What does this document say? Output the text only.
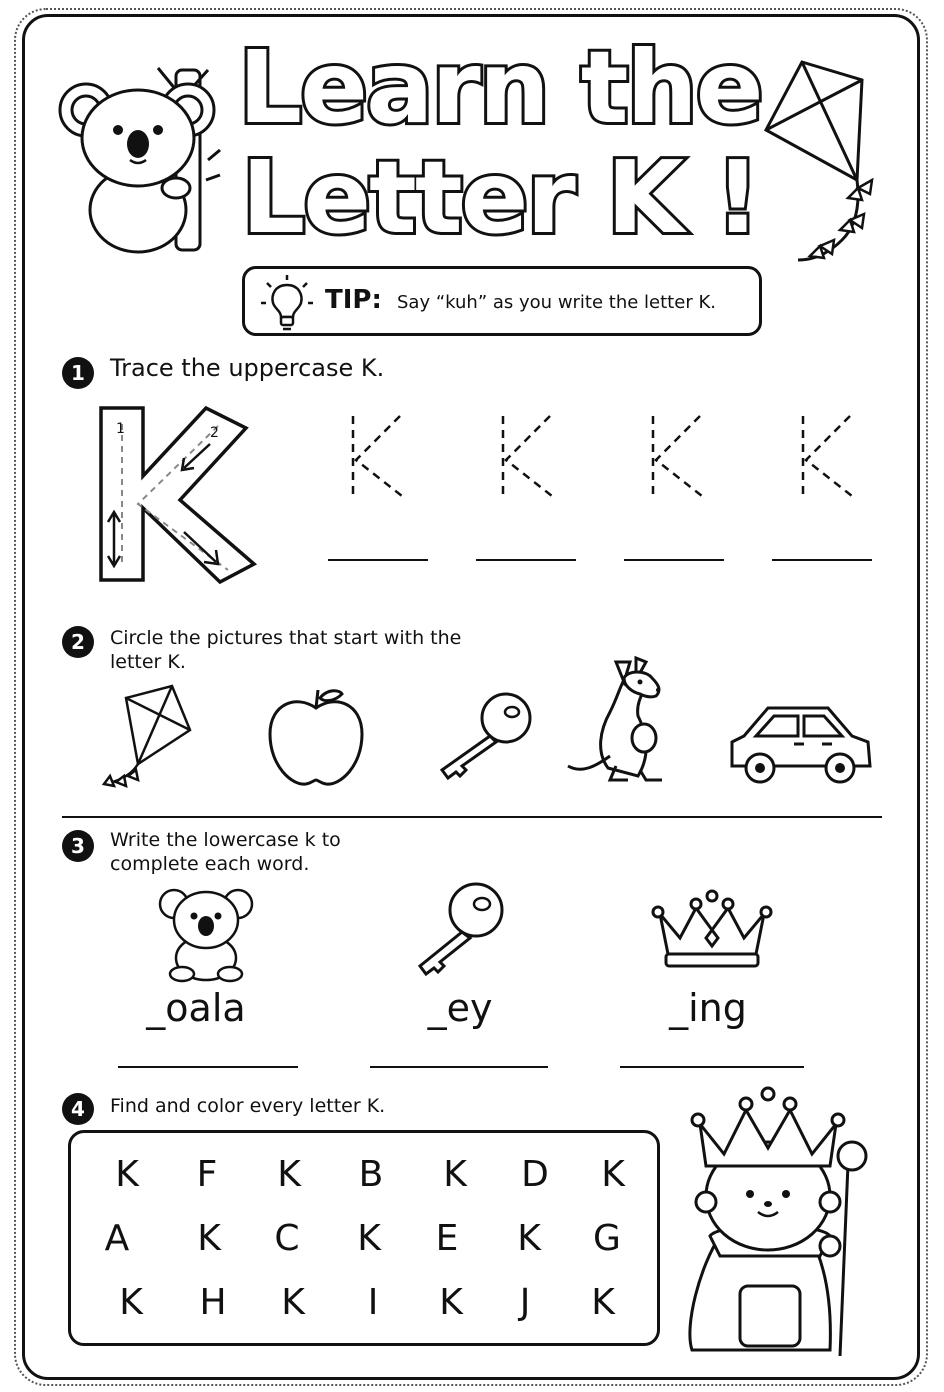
Learn the
Letter K !
TIP: Say “kuh” as you write the letter K.
1	Trace the uppercase K.
1	2
2	Circle the pictures that start with the
letter K.
3	Write the lowercase k to
complete each word.
_oala	_ey	_ing
4	Find and color every letter K.
K	F	K	B	K	D	K
A	K	C	K	E	K	G
K	H	K	I	K	J	K
